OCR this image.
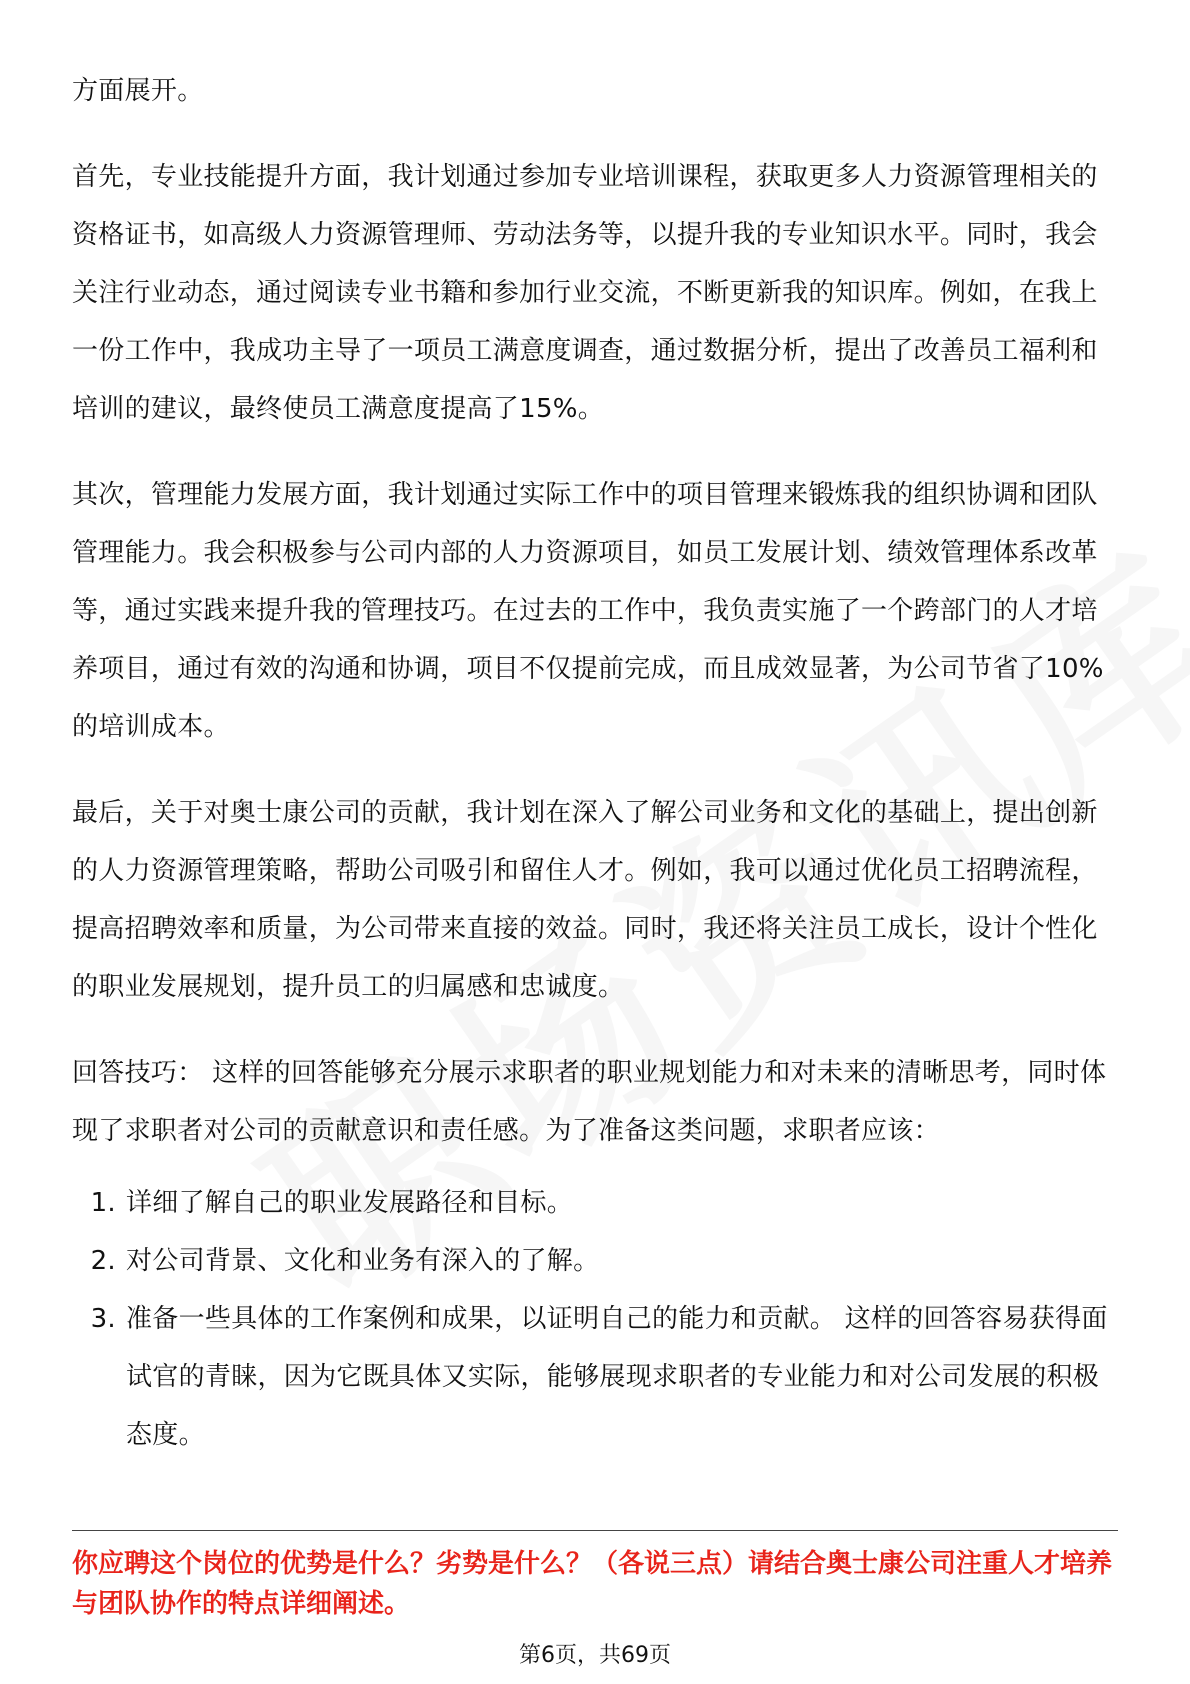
方面展开。

首先，专业技能提升方面，我计划通过参加专业培训课程，获取更多人力资源管理相关的资格证书，如高级人力资源管理师、劳动法务等，以提升我的专业知识水平。同时，我会关注行业动态，通过阅读专业书籍和参加行业交流，不断更新我的知识库。例如，在我上一份工作中，我成功主导了一项员工满意度调查，通过数据分析，提出了改善员工福利和培训的建议，最终使员工满意度提高了15%。

其次，管理能力发展方面，我计划通过实际工作中的项目管理来锻炼我的组织协调和团队管理能力。我会积极参与公司内部的人力资源项目，如员工发展计划、绩效管理体系改革等，通过实践来提升我的管理技巧。在过去的工作中，我负责实施了一个跨部门的人才培养项目，通过有效的沟通和协调，项目不仅提前完成，而且成效显著，为公司节省了10%的培训成本。

最后，关于对奥士康公司的贡献，我计划在深入了解公司业务和文化的基础上，提出创新的人力资源管理策略，帮助公司吸引和留住人才。例如，我可以通过优化员工招聘流程，提高招聘效率和质量，为公司带来直接的效益。同时，我还将关注员工成长，设计个性化的职业发展规划，提升员工的归属感和忠诚度。

回答技巧： 这样的回答能够充分展示求职者的职业规划能力和对未来的清晰思考，同时体现了求职者对公司的贡献意识和责任感。为了准备这类问题，求职者应该：

1. 详细了解自己的职业发展路径和目标。
2. 对公司背景、文化和业务有深入的了解。
3. 准备一些具体的工作案例和成果，以证明自己的能力和贡献。 这样的回答容易获得面试官的青睐，因为它既具体又实际，能够展现求职者的专业能力和对公司发展的积极态度。
你应聘这个岗位的优势是什么？劣势是什么？（各说三点）请结合奥士康公司注重人才培养与团队协作的特点详细阐述。
第6页，共69页
